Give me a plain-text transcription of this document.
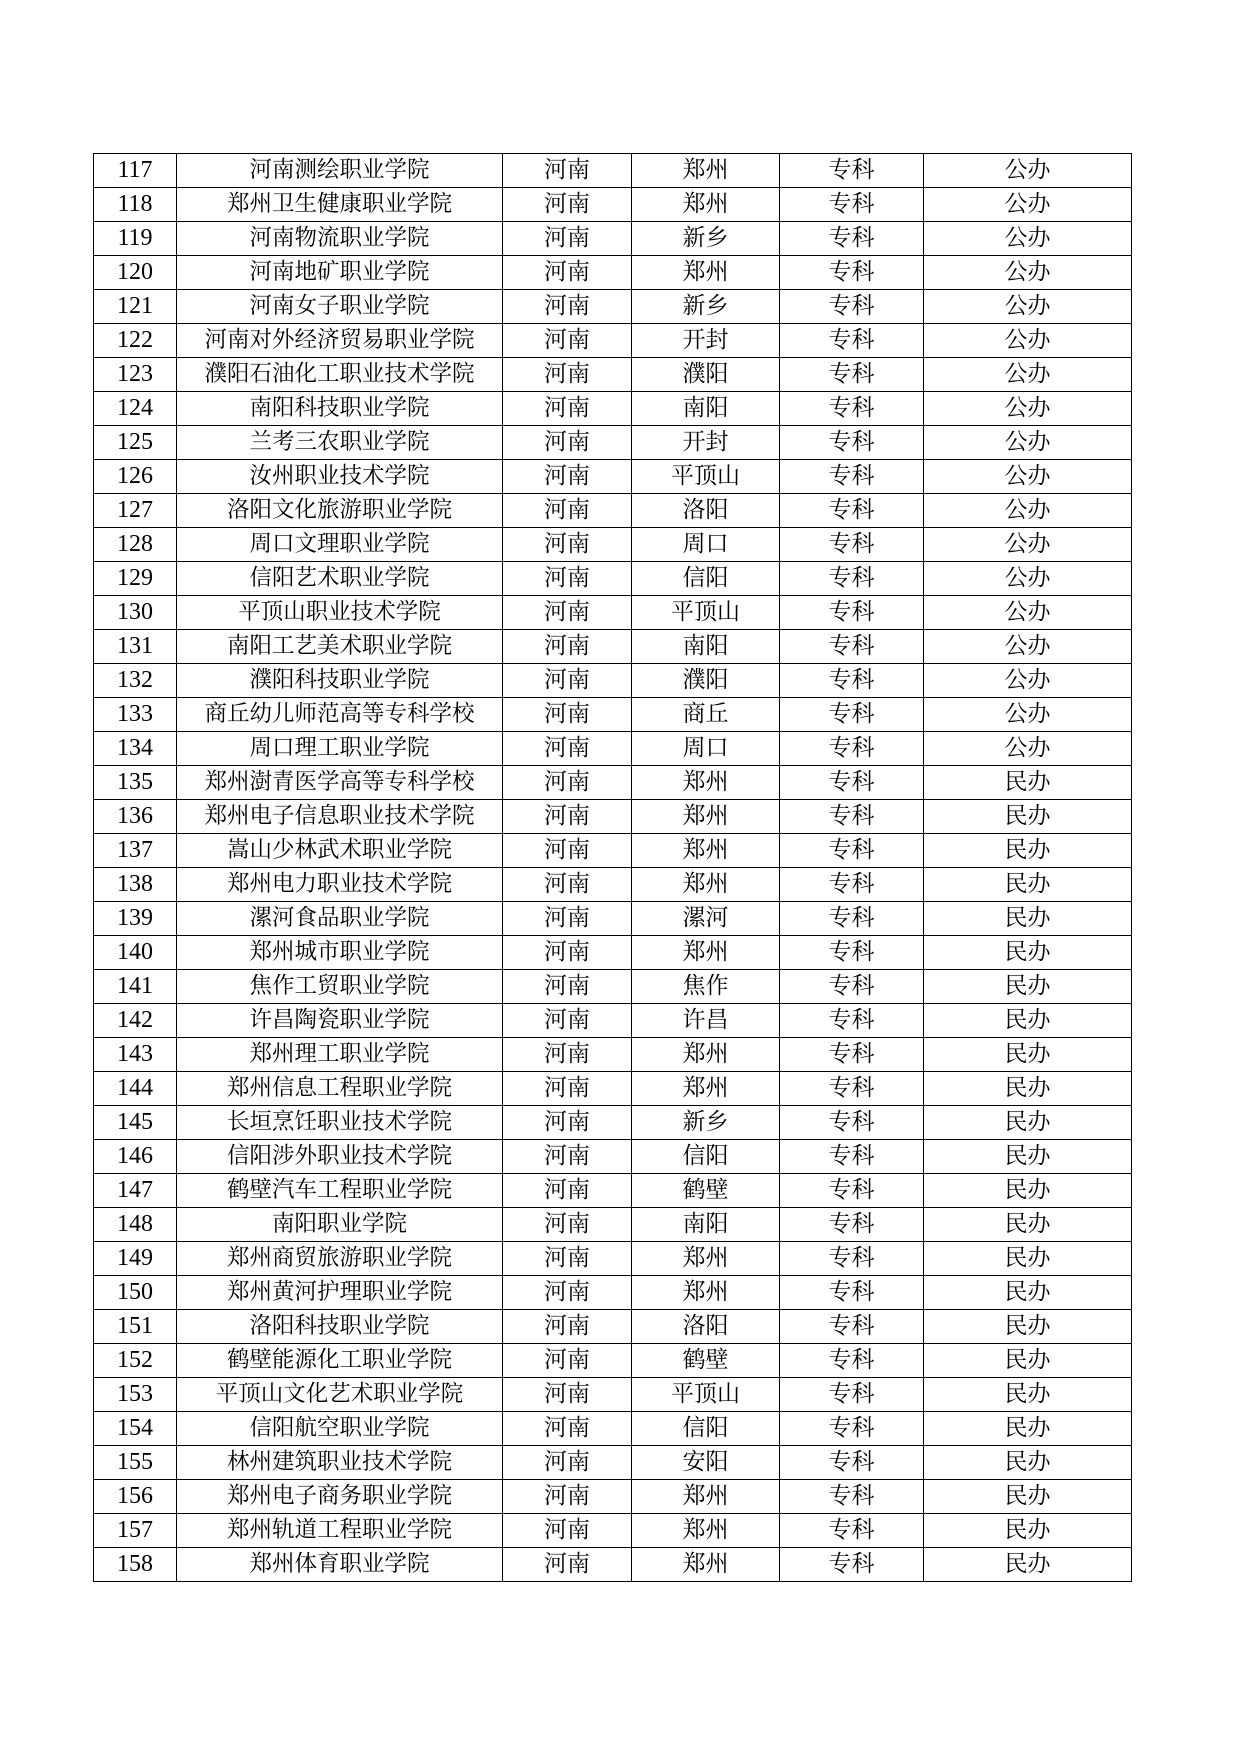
117	河南测绘职业学院	河南	郑州	专科	公办
118	郑州卫生健康职业学院	河南	郑州	专科	公办
119	河南物流职业学院	河南	新乡	专科	公办
120	河南地矿职业学院	河南	郑州	专科	公办
121	河南女子职业学院	河南	新乡	专科	公办
122	河南对外经济贸易职业学院	河南	开封	专科	公办
123	濮阳石油化工职业技术学院	河南	濮阳	专科	公办
124	南阳科技职业学院	河南	南阳	专科	公办
125	兰考三农职业学院	河南	开封	专科	公办
126	汝州职业技术学院	河南	平顶山	专科	公办
127	洛阳文化旅游职业学院	河南	洛阳	专科	公办
128	周口文理职业学院	河南	周口	专科	公办
129	信阳艺术职业学院	河南	信阳	专科	公办
130	平顶山职业技术学院	河南	平顶山	专科	公办
131	南阳工艺美术职业学院	河南	南阳	专科	公办
132	濮阳科技职业学院	河南	濮阳	专科	公办
133	商丘幼儿师范高等专科学校	河南	商丘	专科	公办
134	周口理工职业学院	河南	周口	专科	公办
135	郑州澍青医学高等专科学校	河南	郑州	专科	民办
136	郑州电子信息职业技术学院	河南	郑州	专科	民办
137	嵩山少林武术职业学院	河南	郑州	专科	民办
138	郑州电力职业技术学院	河南	郑州	专科	民办
139	漯河食品职业学院	河南	漯河	专科	民办
140	郑州城市职业学院	河南	郑州	专科	民办
141	焦作工贸职业学院	河南	焦作	专科	民办
142	许昌陶瓷职业学院	河南	许昌	专科	民办
143	郑州理工职业学院	河南	郑州	专科	民办
144	郑州信息工程职业学院	河南	郑州	专科	民办
145	长垣烹饪职业技术学院	河南	新乡	专科	民办
146	信阳涉外职业技术学院	河南	信阳	专科	民办
147	鹤壁汽车工程职业学院	河南	鹤壁	专科	民办
148	南阳职业学院	河南	南阳	专科	民办
149	郑州商贸旅游职业学院	河南	郑州	专科	民办
150	郑州黄河护理职业学院	河南	郑州	专科	民办
151	洛阳科技职业学院	河南	洛阳	专科	民办
152	鹤壁能源化工职业学院	河南	鹤壁	专科	民办
153	平顶山文化艺术职业学院	河南	平顶山	专科	民办
154	信阳航空职业学院	河南	信阳	专科	民办
155	林州建筑职业技术学院	河南	安阳	专科	民办
156	郑州电子商务职业学院	河南	郑州	专科	民办
157	郑州轨道工程职业学院	河南	郑州	专科	民办
158	郑州体育职业学院	河南	郑州	专科	民办
